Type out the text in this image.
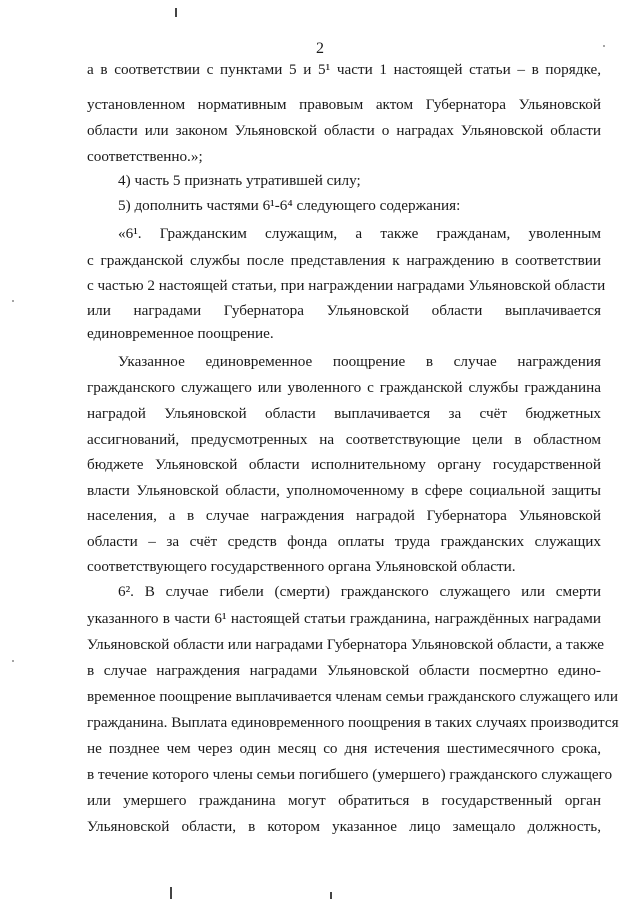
2
а в соответствии с пунктами 5 и 5¹ части 1 настоящей статьи – в порядке,
установленном нормативным правовым актом Губернатора Ульяновской
области или законом Ульяновской области о наградах Ульяновской области
соответственно.»;
4) часть 5 признать утратившей силу;
5) дополнить частями 6¹-6⁴ следующего содержания:
«6¹. Гражданским служащим, а также гражданам, уволенным
с гражданской службы после представления к награждению в соответствии
с частью 2 настоящей статьи, при награждении наградами Ульяновской области
или наградами Губернатора Ульяновской области выплачивается
единовременное поощрение.
Указанное единовременное поощрение в случае награждения
гражданского служащего или уволенного с гражданской службы гражданина
наградой Ульяновской области выплачивается за счёт бюджетных
ассигнований, предусмотренных на соответствующие цели в областном
бюджете Ульяновской области исполнительному органу государственной
власти Ульяновской области, уполномоченному в сфере социальной защиты
населения, а в случае награждения наградой Губернатора Ульяновской
области – за счёт средств фонда оплаты труда гражданских служащих
соответствующего государственного органа Ульяновской области.
6². В случае гибели (смерти) гражданского служащего или смерти
указанного в части 6¹ настоящей статьи гражданина, награждённых наградами
Ульяновской области или наградами Губернатора Ульяновской области, а также
в случае награждения наградами Ульяновской области посмертно едино-
временное поощрение выплачивается членам семьи гражданского служащего или
гражданина. Выплата единовременного поощрения в таких случаях производится
не позднее чем через один месяц со дня истечения шестимесячного срока,
в течение которого члены семьи погибшего (умершего) гражданского служащего
или умершего гражданина могут обратиться в государственный орган
Ульяновской области, в котором указанное лицо замещало должность,
